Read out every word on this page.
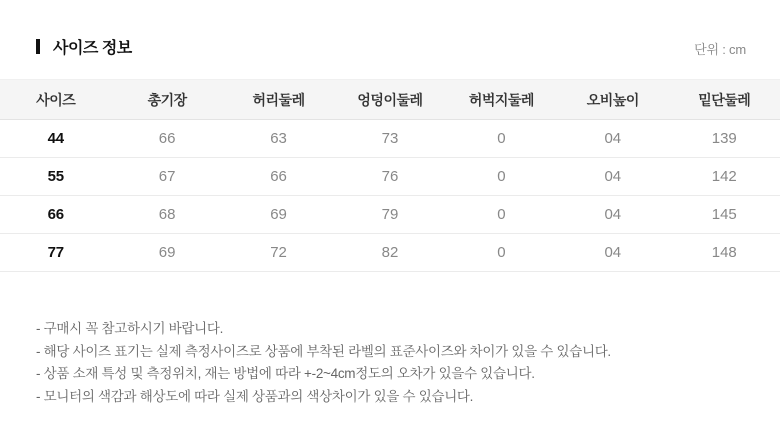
사이즈 정보	단위 : cm
사이즈	총기장	허리둘레	엉덩이둘레	허벅지둘레	오비높이	밑단둘레
44	66	63	73	0	04	139
55	67	66	76	0	04	142
66	68	69	79	0	04	145
77	69	72	82	0	04	148
- 구매시 꼭 참고하시기 바랍니다.
- 해당 사이즈 표기는 실제 측정사이즈로 상품에 부착된 라벨의 표준사이즈와 차이가 있을 수 있습니다.
- 상품 소재 특성 및 측정위치, 재는 방법에 따라 +-2~4cm정도의 오차가 있을수 있습니다.
- 모니터의 색감과 해상도에 따라 실제 상품과의 색상차이가 있을 수 있습니다.
